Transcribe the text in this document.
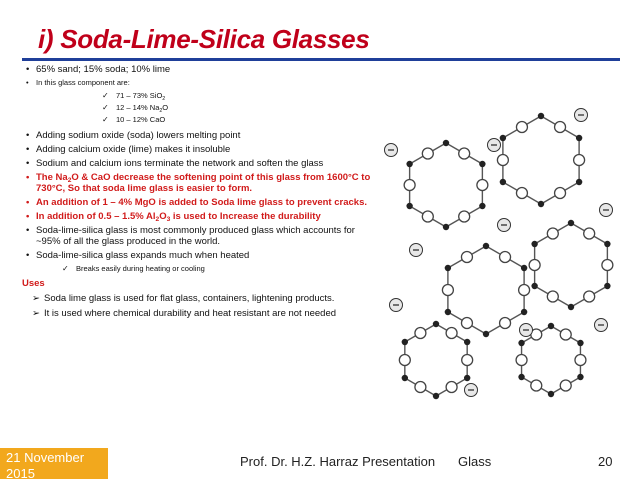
i) Soda-Lime-Silica Glasses
• 65% sand; 15% soda; 10% lime
• In this glass component are:
✓ 71 – 73% SiO$_2$
✓ 12 – 14% $Na_2O$
✓ 10 – 12% CaO
• Adding sodium oxide (soda) lowers melting point
• Adding calcium oxide (lime) makes it insoluble
• Sodium and calcium ions terminate the network and soften the glass
• The $Na_2O$ & CaO decrease the softening point of this glass from 1600°C to 730°C, So that soda lime glass is easier to form.
• An addition of 1 – 4% MgO is added to Soda lime glass to prevent cracks.
• In addition of 0.5 – 1.5% $Al_2O_3$ is used to Increase the durability
• Soda-lime-silica glass is most commonly produced glass which accounts for ~95% of all the glass produced in the world.
• Soda-lime-silica glass expands much when heated
✓ Breaks easily during heating or cooling
Uses
➢ Soda lime glass is used for flat glass, containers, lightening products.
➢ It is used where chemical durability and heat resistant are not needed
21 November 2015
Prof. Dr. H.Z. Harraz Presentation Glass	20
